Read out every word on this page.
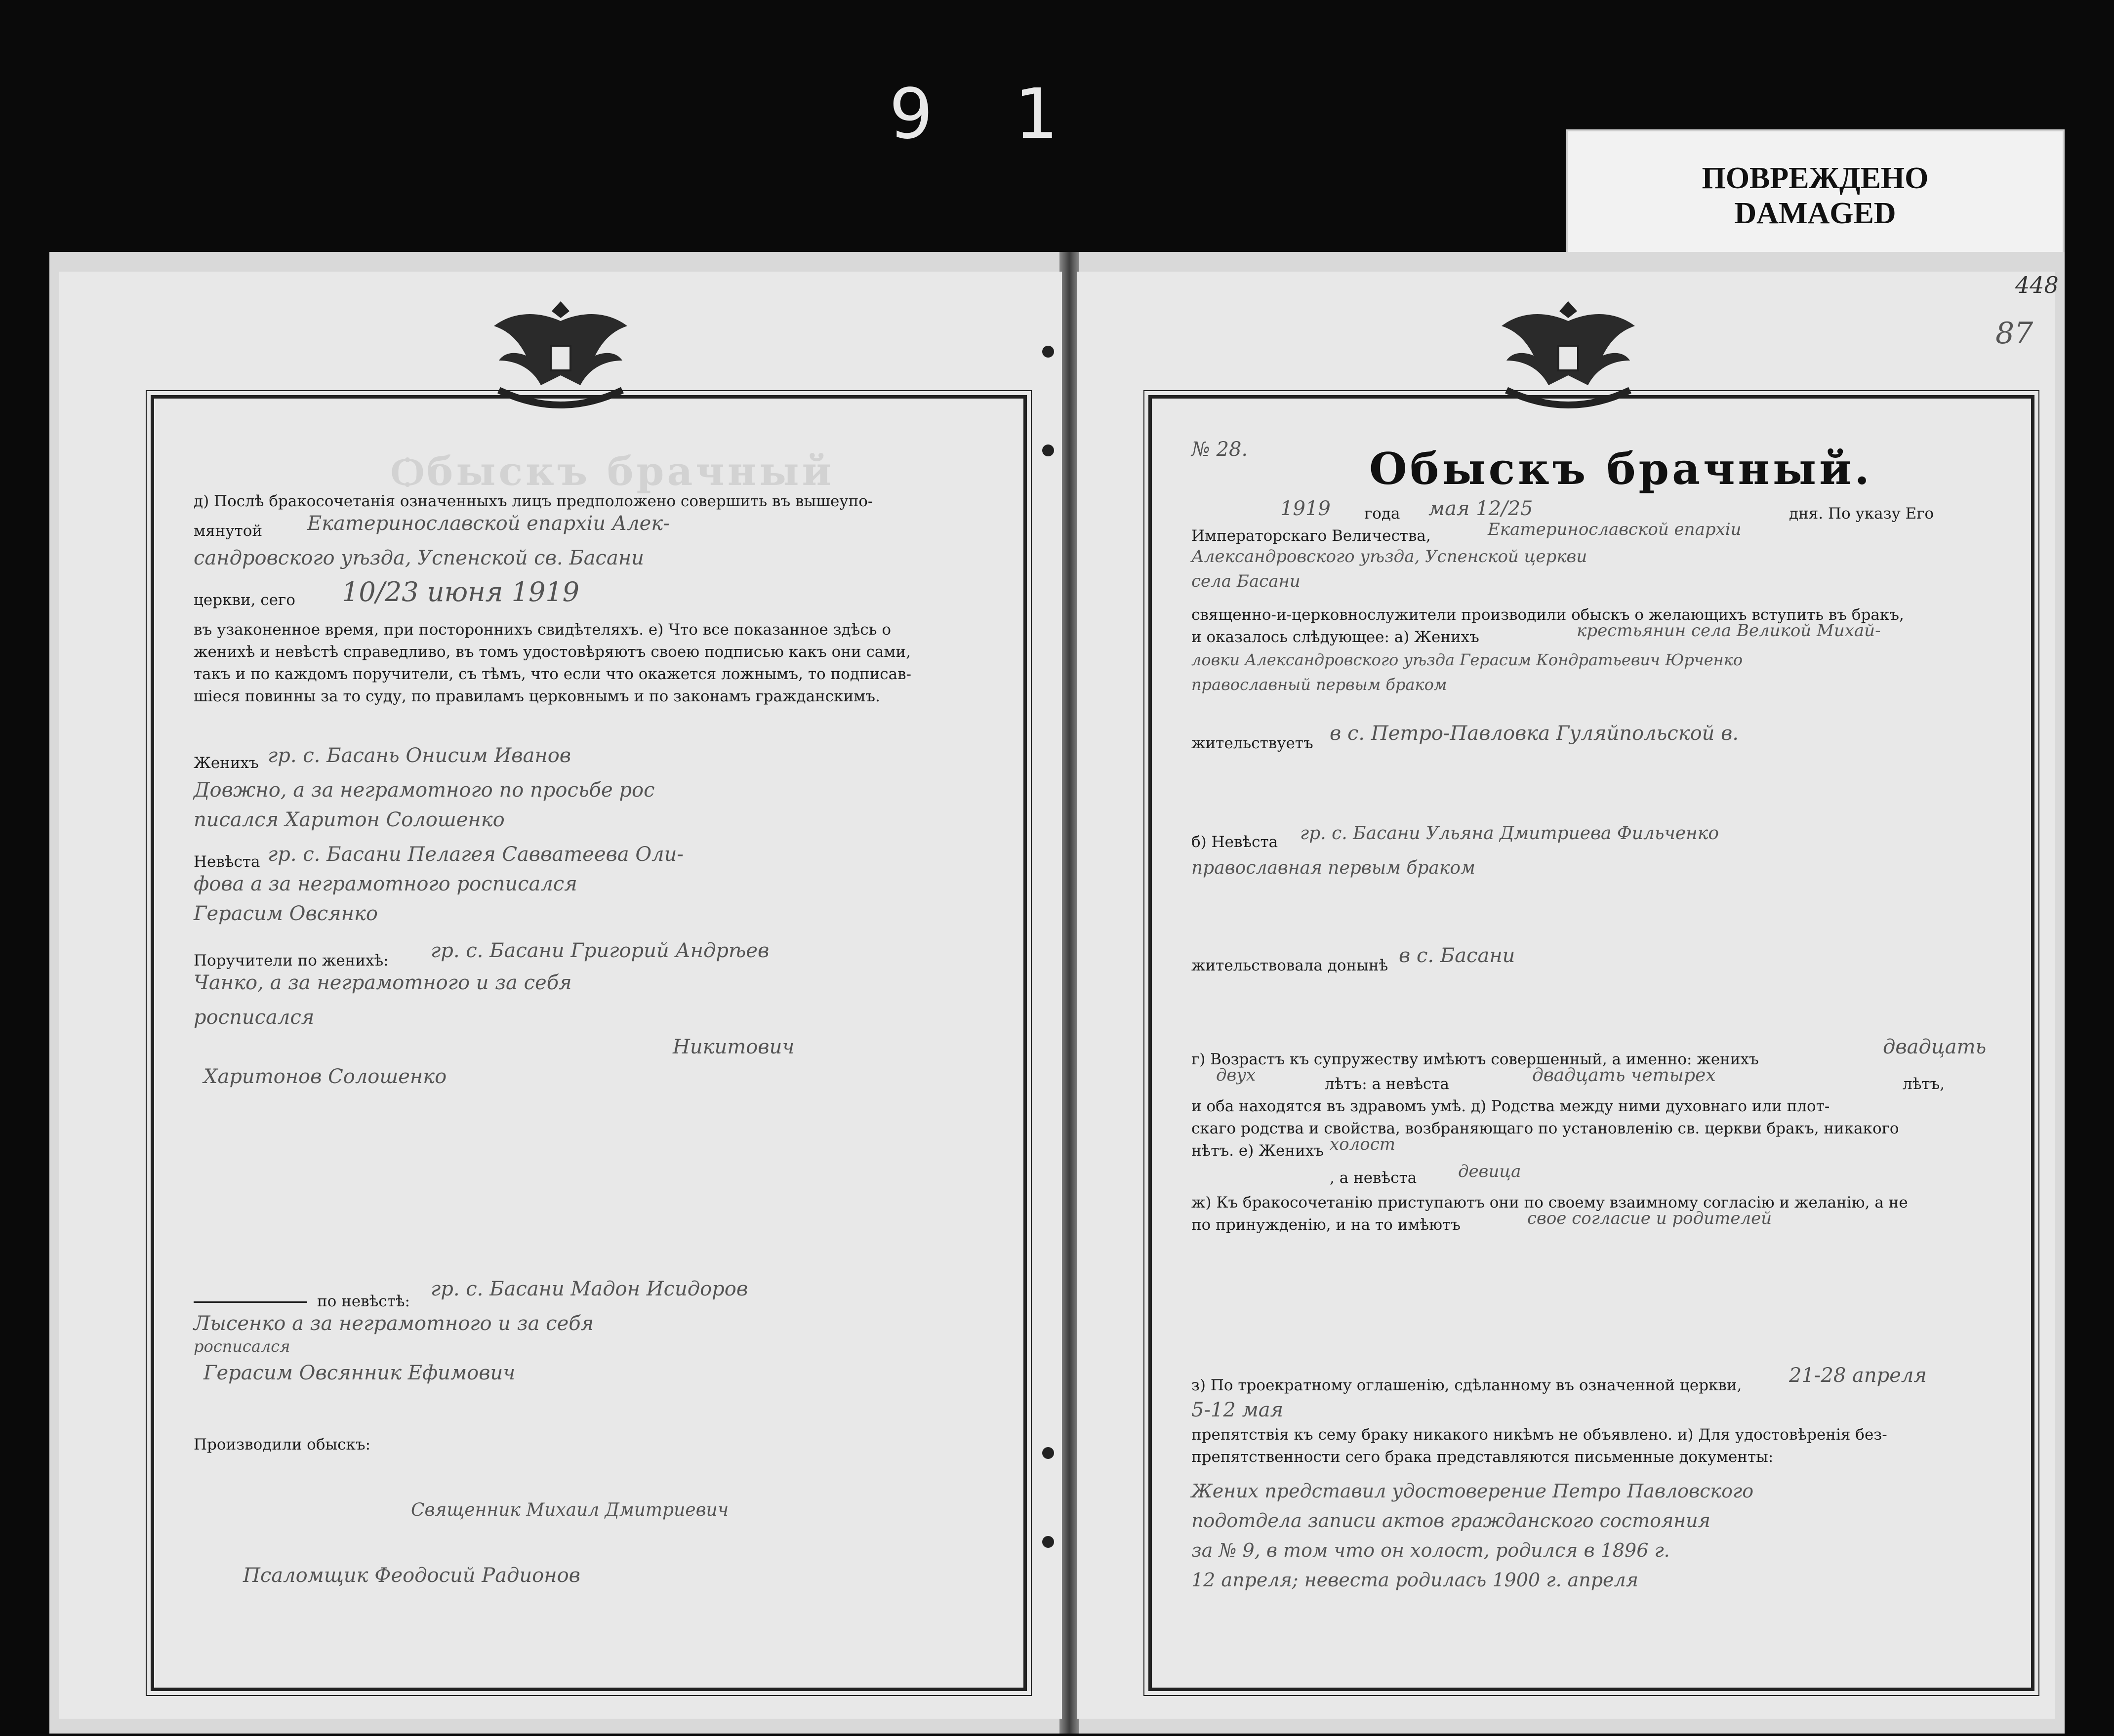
9 1
ПОВРЕЖДЕНО
DAMAGED
Ѻбыскъ брачный
д) Послѣ бракосочетанія означенныхъ лицъ предположено совершить въ вышеупо-
мянутой Екатеринославской епархіи Алек-
сандровского уѣзда, Успенской св. Басани
церкви, сего 10/23 июня 1919
въ узаконенное время, при постороннихъ свидѣтеляхъ. е) Что все показанное здѣсь о
женихѣ и невѣстѣ справедливо, въ томъ удостовѣряютъ своею подписью какъ они сами,
такъ и по каждомъ поручители, съ тѣмъ, что если что окажется ложнымъ, то подписав-
шіеся повинны за то суду, по правиламъ церковнымъ и по законамъ гражданскимъ.
Женихъ гр. с. Басань Онисим Иванов
Довжно, а за неграмотного по просьбе рос
писался Харитон Солошенко
Невѣста гр. с. Басани Пелагея Савватеева Оли-
фова а за неграмотного росписался
Герасим Овсянко
Поручители по женихѣ: гр. с. Басани Григорий Андрѣев
Чанко, а за неграмотного и за себя
росписался
Никитович
Харитонов Солошенко
по невѣстѣ:
гр. с. Басани Мадон Исидоров
Лысенко а за неграмотного и за себя
росписался
Герасим Овсянник Ефимович
Производили обыскъ:
Священник Михаил Дмитриевич
Псаломщик Феодосий Радионов
448
87
№ 28.	Обыскъ брачный.
1919 года мая 12/25	дня. По указу Его
Императорскаго Величества,	Екатеринославской епархіи
Александровского уѣзда, Успенской церкви
села Басани
священно-и-церковнослужители производили обыскъ о желающихъ вступить въ бракъ,
и оказалось слѣдующее: а) Женихъ	крестьянин села Великой Михай-
ловки Александровского уѣзда Герасим Кондратьевич Юрченко
православный первым браком
жительствуетъ в с. Петро-Павловка Гуляйпольской в.
б) Невѣста гр. с. Басани Ульяна Дмитриева Фильченко
православная первым браком
жительствовала донынѣ в с. Басани
г) Возрастъ къ супружеству имѣютъ совершенный, а именно: женихъ
двадцать
двух	лѣтъ: а невѣста	двадцать четырех	лѣтъ,
и оба находятся въ здравомъ умѣ. д) Родства между ними духовнаго или плот-
скаго родства и свойства, возбраняющаго по установленію св. церкви бракъ, никакого
нѣтъ. е) Женихъ холост
, а невѣста девица
ж) Къ бракосочетанію приступаютъ они по своему взаимному согласію и желанію, а не
по принужденію, и на то имѣютъ	свое согласие и родителей
з) По троекратному оглашенію, сдѣланному въ означенной церкви, 21-28 апреля
5-12 мая
препятствія къ сему браку никакого никѣмъ не объявлено. и) Для удостовѣренія без-
препятственности сего брака представляются письменные документы:
Жених представил удостоверение Петро Павловского
подотдела записи актов гражданского состояния
за № 9, в том что он холост, родился в 1896 г.
12 апреля; невеста родилась 1900 г. апреля
